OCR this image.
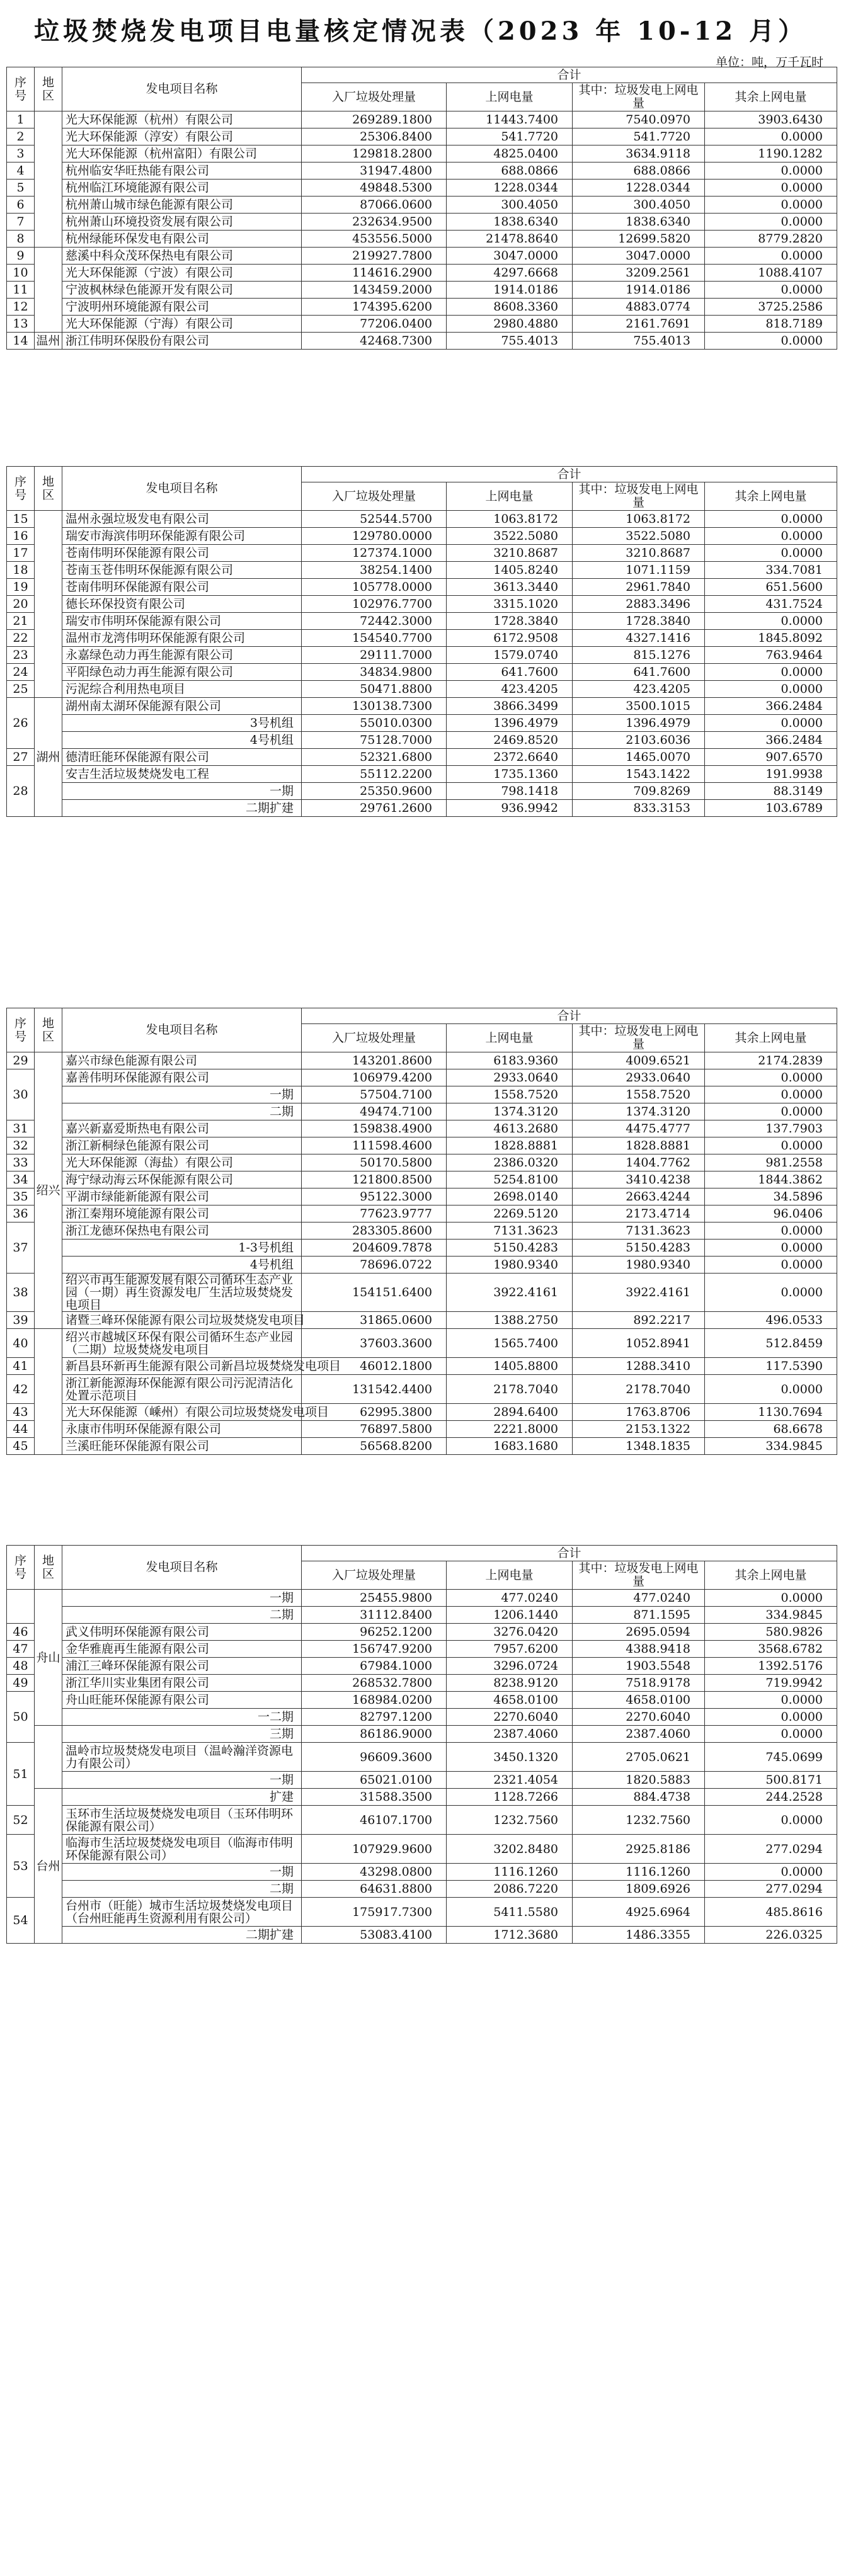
垃圾焚烧发电项目电量核定情况表（2023 年 10-12 月）
单位：吨，万千瓦时
序号	地区	发电项目名称	合计			
			入厂垃圾处理量	上网电量	其中：垃圾发电上网电量	其余上网电量
1		光大环保能源（杭州）有限公司	269289.1800	11443.7400	7540.0970	3903.6430
2		光大环保能源（淳安）有限公司	25306.8400	541.7720	541.7720	0.0000
3		光大环保能源（杭州富阳）有限公司	129818.2800	4825.0400	3634.9118	1190.1282
4		杭州临安华旺热能有限公司	31947.4800	688.0866	688.0866	0.0000
5		杭州临江环境能源有限公司	49848.5300	1228.0344	1228.0344	0.0000
6		杭州萧山城市绿色能源有限公司	87066.0600	300.4050	300.4050	0.0000
7		杭州萧山环境投资发展有限公司	232634.9500	1838.6340	1838.6340	0.0000
8		杭州绿能环保发电有限公司	453556.5000	21478.8640	12699.5820	8779.2820
9		慈溪中科众茂环保热电有限公司	219927.7800	3047.0000	3047.0000	0.0000
10		光大环保能源（宁波）有限公司	114616.2900	4297.6668	3209.2561	1088.4107
11		宁波枫林绿色能源开发有限公司	143459.2000	1914.0186	1914.0186	0.0000
12		宁波明州环境能源有限公司	174395.6200	8608.3360	4883.0774	3725.2586
13		光大环保能源（宁海）有限公司	77206.0400	2980.4880	2161.7691	818.7189
14	温州	浙江伟明环保股份有限公司	42468.7300	755.4013	755.4013	0.0000
序号	地区	发电项目名称	合计			
			入厂垃圾处理量	上网电量	其中：垃圾发电上网电量	其余上网电量
15		温州永强垃圾发电有限公司	52544.5700	1063.8172	1063.8172	0.0000
16		瑞安市海滨伟明环保能源有限公司	129780.0000	3522.5080	3522.5080	0.0000
17		苍南伟明环保能源有限公司	127374.1000	3210.8687	3210.8687	0.0000
18		苍南玉苍伟明环保能源有限公司	38254.1400	1405.8240	1071.1159	334.7081
19		苍南伟明环保能源有限公司	105778.0000	3613.3440	2961.7840	651.5600
20		德长环保投资有限公司	102976.7700	3315.1020	2883.3496	431.7524
21		瑞安市伟明环保能源有限公司	72442.3000	1728.3840	1728.3840	0.0000
22		温州市龙湾伟明环保能源有限公司	154540.7700	6172.9508	4327.1416	1845.8092
23		永嘉绿色动力再生能源有限公司	29111.7000	1579.0740	815.1276	763.9464
24		平阳绿色动力再生能源有限公司	34834.9800	641.7600	641.7600	0.0000
25		污泥综合利用热电项目	50471.8800	423.4205	423.4205	0.0000
26	湖州	湖州南太湖环保能源有限公司	130138.7300	3866.3499	3500.1015	366.2484
		3号机组	55010.0300	1396.4979	1396.4979	0.0000
		4号机组	75128.7000	2469.8520	2103.6036	366.2484
27		德清旺能环保能源有限公司	52321.6800	2372.6640	1465.0070	907.6570
28		安吉生活垃圾焚烧发电工程	55112.2200	1735.1360	1543.1422	191.9938
		一期	25350.9600	798.1418	709.8269	88.3149
		二期扩建	29761.2600	936.9942	833.3153	103.6789
序号	地区	发电项目名称	合计			
			入厂垃圾处理量	上网电量	其中：垃圾发电上网电量	其余上网电量
29	绍兴	嘉兴市绿色能源有限公司	143201.8600	6183.9360	4009.6521	2174.2839
30		嘉善伟明环保能源有限公司	106979.4200	2933.0640	2933.0640	0.0000
		一期	57504.7100	1558.7520	1558.7520	0.0000
		二期	49474.7100	1374.3120	1374.3120	0.0000
31		嘉兴新嘉爱斯热电有限公司	159838.4900	4613.2680	4475.4777	137.7903
32		浙江新桐绿色能源有限公司	111598.4600	1828.8881	1828.8881	0.0000
33		光大环保能源（海盐）有限公司	50170.5800	2386.0320	1404.7762	981.2558
34		海宁绿动海云环保能源有限公司	121800.8500	5254.8100	3410.4238	1844.3862
35		平湖市绿能新能源有限公司	95122.3000	2698.0140	2663.4244	34.5896
36		浙江秦翔环境能源有限公司	77623.9777	2269.5120	2173.4714	96.0406
37		浙江龙德环保热电有限公司	283305.8600	7131.3623	7131.3623	0.0000
		1-3号机组	204609.7878	5150.4283	5150.4283	0.0000
		4号机组	78696.0722	1980.9340	1980.9340	0.0000
38		绍兴市再生能源发展有限公司循环生态产业园（一期）再生资源发电厂生活垃圾焚烧发电项目	154151.6400	3922.4161	3922.4161	0.0000
39		诸暨三峰环保能源有限公司垃圾焚烧发电项目	31865.0600	1388.2750	892.2217	496.0533
40		绍兴市越城区环保有限公司循环生态产业园（二期）垃圾焚烧发电项目	37603.3600	1565.7400	1052.8941	512.8459
41		新昌县环新再生能源有限公司新昌垃圾焚烧发电项目	46012.1800	1405.8800	1288.3410	117.5390
42		浙江新能源海环保能源有限公司污泥清洁化处置示范项目	131542.4400	2178.7040	2178.7040	0.0000
43		光大环保能源（嵊州）有限公司垃圾焚烧发电项目	62995.3800	2894.6400	1763.8706	1130.7694
44		永康市伟明环保能源有限公司	76897.5800	2221.8000	2153.1322	68.6678
45		兰溪旺能环保能源有限公司	56568.8200	1683.1680	1348.1835	334.9845
序号	地区	发电项目名称	合计			
			入厂垃圾处理量	上网电量	其中：垃圾发电上网电量	其余上网电量
	舟山	一期	25455.9800	477.0240	477.0240	0.0000
		二期	31112.8400	1206.1440	871.1595	334.9845
46		武义伟明环保能源有限公司	96252.1200	3276.0420	2695.0594	580.9826
47		金华雅鹿再生能源有限公司	156747.9200	7957.6200	4388.9418	3568.6782
48		浦江三峰环保能源有限公司	67984.1000	3296.0724	1903.5548	1392.5176
49		浙江华川实业集团有限公司	268532.7800	8238.9120	7518.9178	719.9942
50		舟山旺能环保能源有限公司	168984.0200	4658.0100	4658.0100	0.0000
		一二期	82797.1200	2270.6040	2270.6040	0.0000
		三期	86186.9000	2387.4060	2387.4060	0.0000
51		温岭市垃圾焚烧发电项目（温岭瀚洋资源电力有限公司）	96609.3600	3450.1320	2705.0621	745.0699
		一期	65021.0100	2321.4054	1820.5883	500.8171
	台州	扩建	31588.3500	1128.7266	884.4738	244.2528
52		玉环市生活垃圾焚烧发电项目（玉环伟明环保能源有限公司）	46107.1700	1232.7560	1232.7560	0.0000
53		临海市生活垃圾焚烧发电项目（临海市伟明环保能源有限公司）	107929.9600	3202.8480	2925.8186	277.0294
		一期	43298.0800	1116.1260	1116.1260	0.0000
		二期	64631.8800	2086.7220	1809.6926	277.0294
54		台州市（旺能）城市生活垃圾焚烧发电项目（台州旺能再生资源利用有限公司）	175917.7300	5411.5580	4925.6964	485.8616
		二期扩建	53083.4100	1712.3680	1486.3355	226.0325
